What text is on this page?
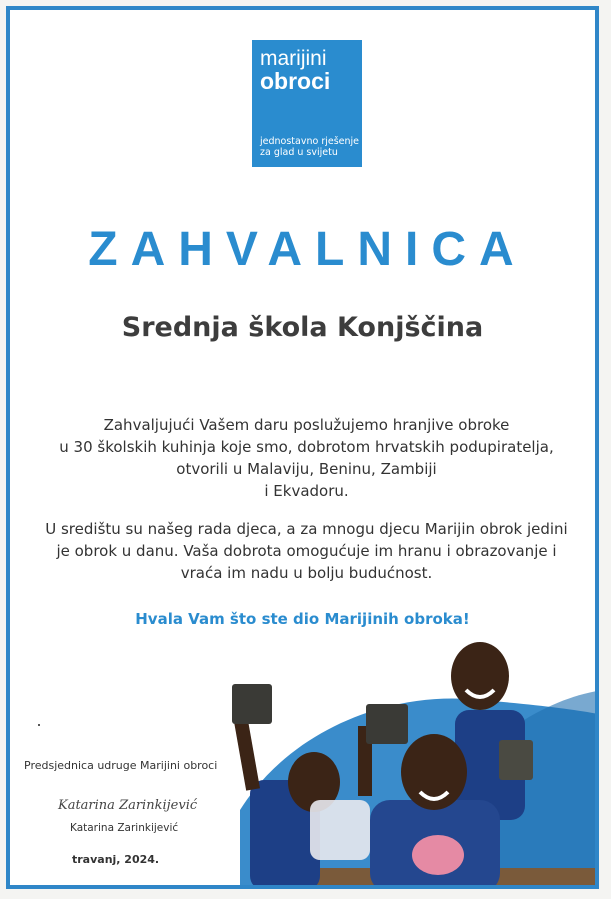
marijini
obroci
jednostavno rješenje
za glad u svijetu
ZAHVALNICA
Srednja škola Konjščina
Zahvaljujući Vašem daru poslužujemo hranjive obroke
u 30 školskih kuhinja koje smo, dobrotom hrvatskih podupiratelja,
otvorili u Malaviju, Beninu, Zambiji
i Ekvadoru.
U središtu su našeg rada djeca, a za mnogu djecu Marijin obrok jedini
je obrok u danu. Vaša dobrota omogućuje im hranu i obrazovanje i
vraća im nadu u bolju budućnost.
Hvala Vam što ste dio Marijinih obroka!
Predsjednica udruge Marijini obroci
Katarina Zarinkijević
Katarina Zarinkijević
travanj, 2024.
